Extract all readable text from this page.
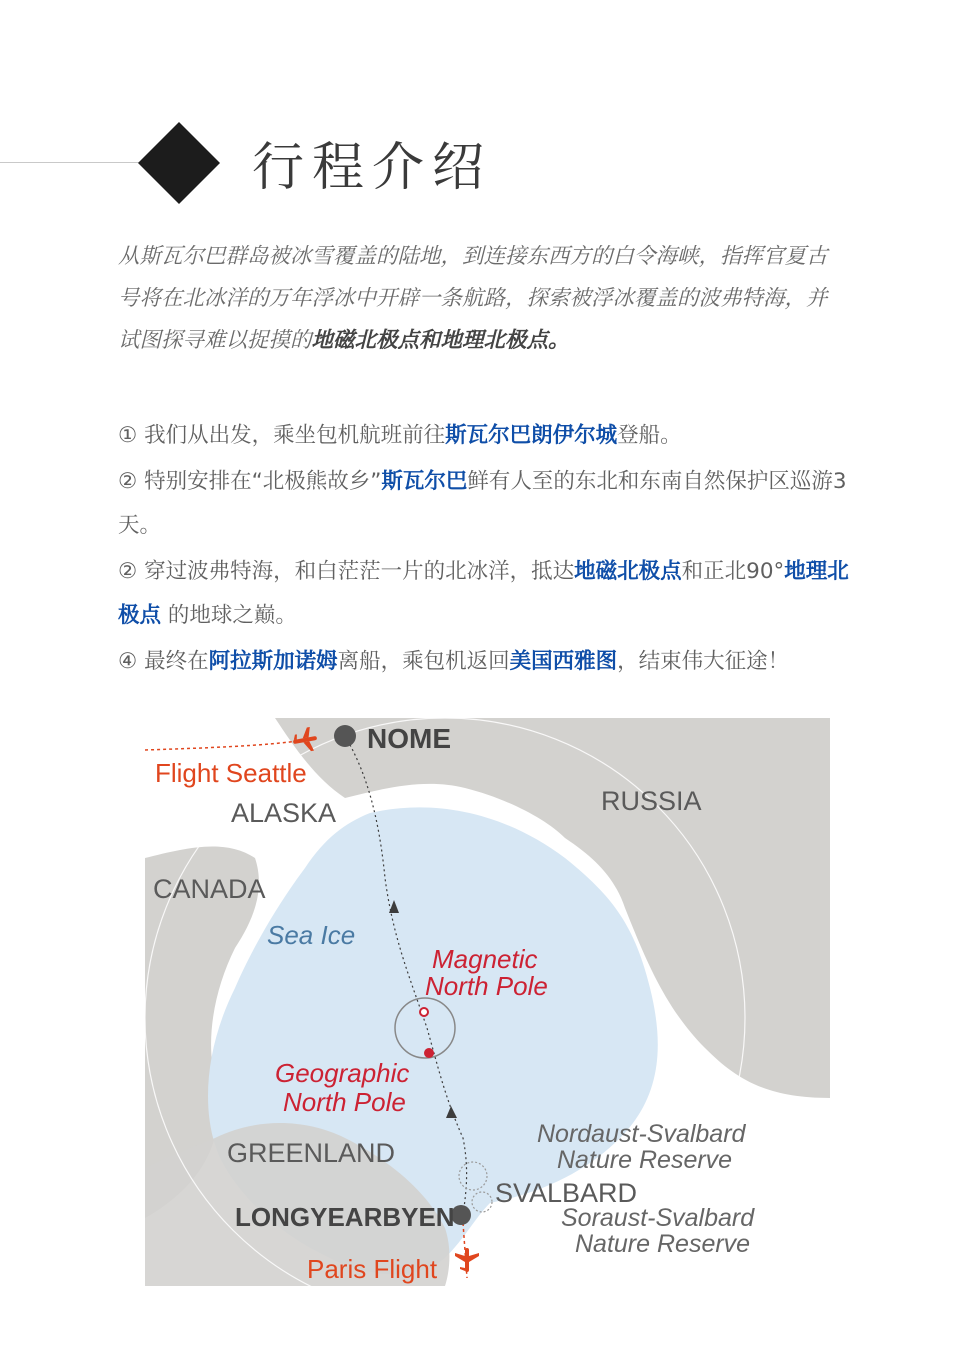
行程介绍
从斯瓦尔巴群岛被冰雪覆盖的陆地，到连接东西方的白令海峡，指挥官夏古号将在北冰洋的万年浮冰中开辟一条航路，探索被浮冰覆盖的波弗特海，并试图探寻难以捉摸的地磁北极点和地理北极点。

① 我们从出发，乘坐包机航班前往斯瓦尔巴朗伊尔城登船。

② 特别安排在“北极熊故乡”斯瓦尔巴鲜有人至的东北和东南自然保护区巡游3天。

② 穿过波弗特海，和白茫茫一片的北冰洋，抵达地磁北极点和正北90°地理北极点 的地球之巅。

④ 最终在阿拉斯加诺姆离船，乘包机返回美国西雅图，结束伟大征途！

NOME
Flight Seattle
ALASKA	RUSSIA
CANADA
Sea Ice
Magnetic
North Pole
Geographic
North Pole
Nordaust-Svalbard
Nature Reserve
GREENLAND
SVALBARD
LONGYEARBYEN	Soraust-Svalbard
Nature Reserve
Paris Flight
